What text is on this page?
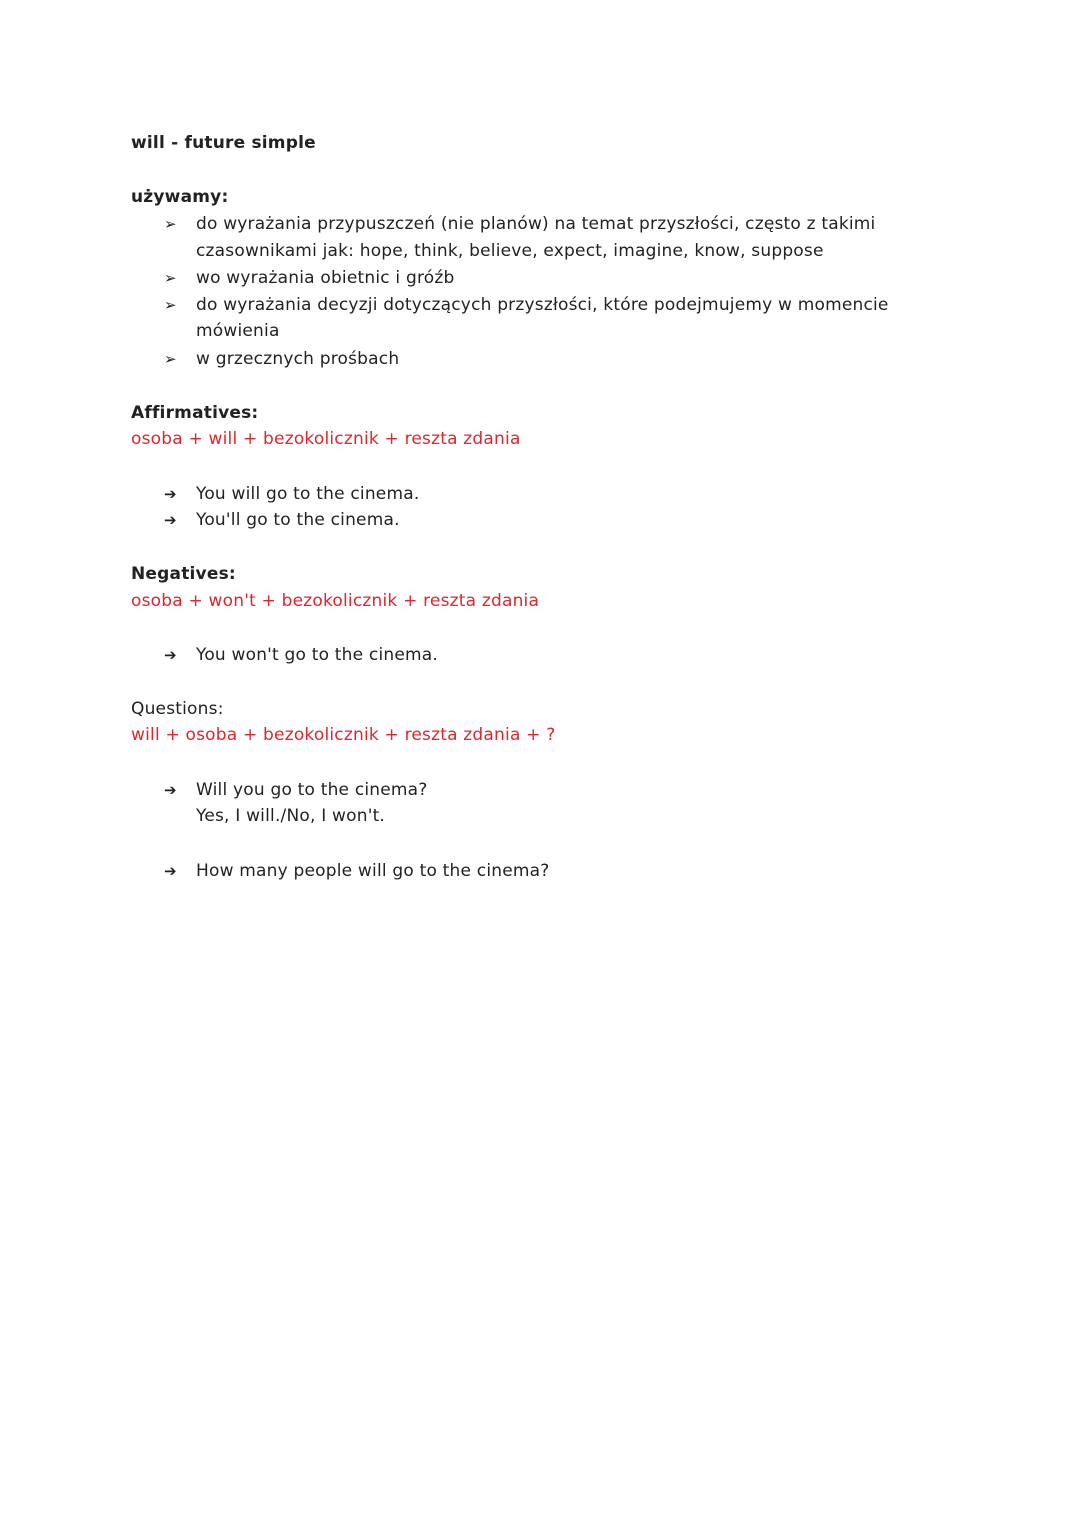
will - future simple
używamy:
➢ do wyrażania przypuszczeń (nie planów) na temat przyszłości, często z takimi
czasownikami jak: hope, think, believe, expect, imagine, know, suppose
➢ wo wyrażania obietnic i gróźb
➢ do wyrażania decyzji dotyczących przyszłości, które podejmujemy w momencie
mówienia
➢ w grzecznych prośbach
Affirmatives:
osoba + will + bezokolicznik + reszta zdania
➔ You will go to the cinema.
➔ You'll go to the cinema.
Negatives:
osoba + won't + bezokolicznik + reszta zdania
➔ You won't go to the cinema.
Questions:
will + osoba + bezokolicznik + reszta zdania + ?
➔ Will you go to the cinema?
Yes, I will./No, I won't.
➔ How many people will go to the cinema?
